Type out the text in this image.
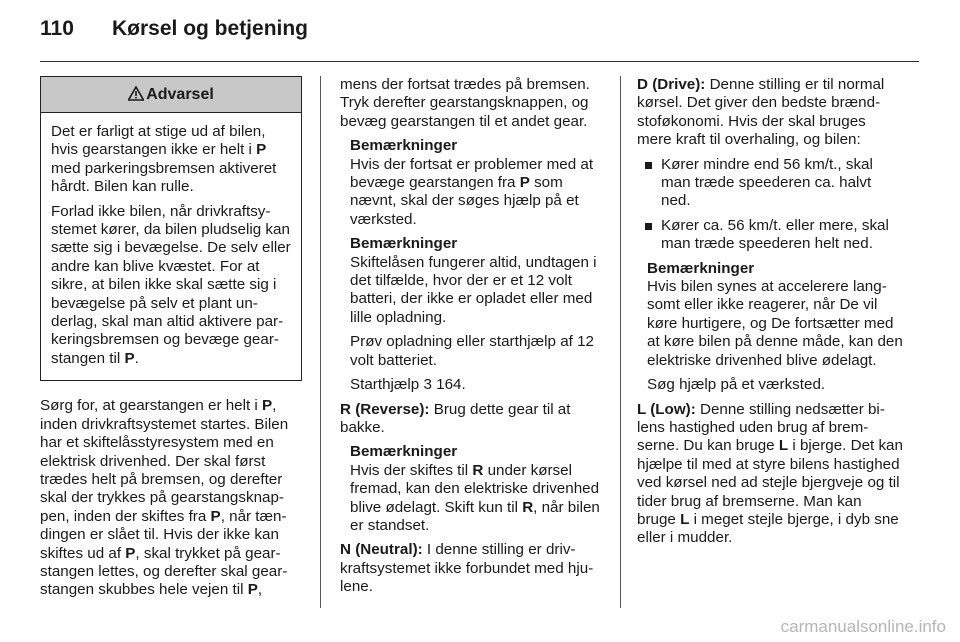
110 Kørsel og betjening
Advarsel

Det er farligt at stige ud af bilen, hvis gearstangen ikke er helt i P med parkeringsbremsen aktiveret hårdt. Bilen kan rulle.

Forlad ikke bilen, når drivkraftsystemet kører, da bilen pludselig kan sætte sig i bevægelse. De selv eller andre kan blive kvæstet. For at sikre, at bilen ikke skal sætte sig i bevægelse på selv et plant underlag, skal man altid aktivere parkeringsbremsen og bevæge gearstangen til P.

Sørg for, at gearstangen er helt i P, inden drivkraftsystemet startes. Bilen har et skiftelåsstyresystem med en elektrisk drivenhed. Der skal først trædes helt på bremsen, og derefter skal der trykkes på gearstangsknappen, inden der skiftes fra P, når tændingen er slået til. Hvis der ikke kan skiftes ud af P, skal trykket på gearstangen lettes, og derefter skal gearstangen skubbes hele vejen til P,

mens der fortsat trædes på bremsen. Tryk derefter gearstangsknappen, og bevæg gearstangen til et andet gear.

Bemærkninger

Hvis der fortsat er problemer med at bevæge gearstangen fra P som nævnt, skal der søges hjælp på et værksted.

Bemærkninger

Skiftelåsen fungerer altid, undtagen i det tilfælde, hvor der er et 12 volt batteri, der ikke er opladet eller med lille opladning.

Prøv opladning eller starthjælp af 12 volt batteriet.

Starthjælp 3 164.

R (Reverse): Brug dette gear til at bakke.

Bemærkninger

Hvis der skiftes til R under kørsel fremad, kan den elektriske drivenhed blive ødelagt. Skift kun til R, når bilen er standset.

N (Neutral): I denne stilling er drivkraftsystemet ikke forbundet med hjulene.

D (Drive): Denne stilling er til normal kørsel. Det giver den bedste brændstoføkonomi. Hvis der skal bruges mere kraft til overhaling, og bilen:

Kører mindre end 56 km/t., skal man træde speederen ca. halvt ned.
Kører ca. 56 km/t. eller mere, skal man træde speederen helt ned.
Bemærkninger

Hvis bilen synes at accelerere langsomt eller ikke reagerer, når De vil køre hurtigere, og De fortsætter med at køre bilen på denne måde, kan den elektriske drivenhed blive ødelagt.

Søg hjælp på et værksted.

L (Low): Denne stilling nedsætter bilens hastighed uden brug af bremserne. Du kan bruge L i bjerge. Det kan hjælpe til med at styre bilens hastighed ved kørsel ned ad stejle bjergveje og til tider brug af bremserne. Man kan bruge L i meget stejle bjerge, i dyb sne eller i mudder.

carmanualsonline.info
